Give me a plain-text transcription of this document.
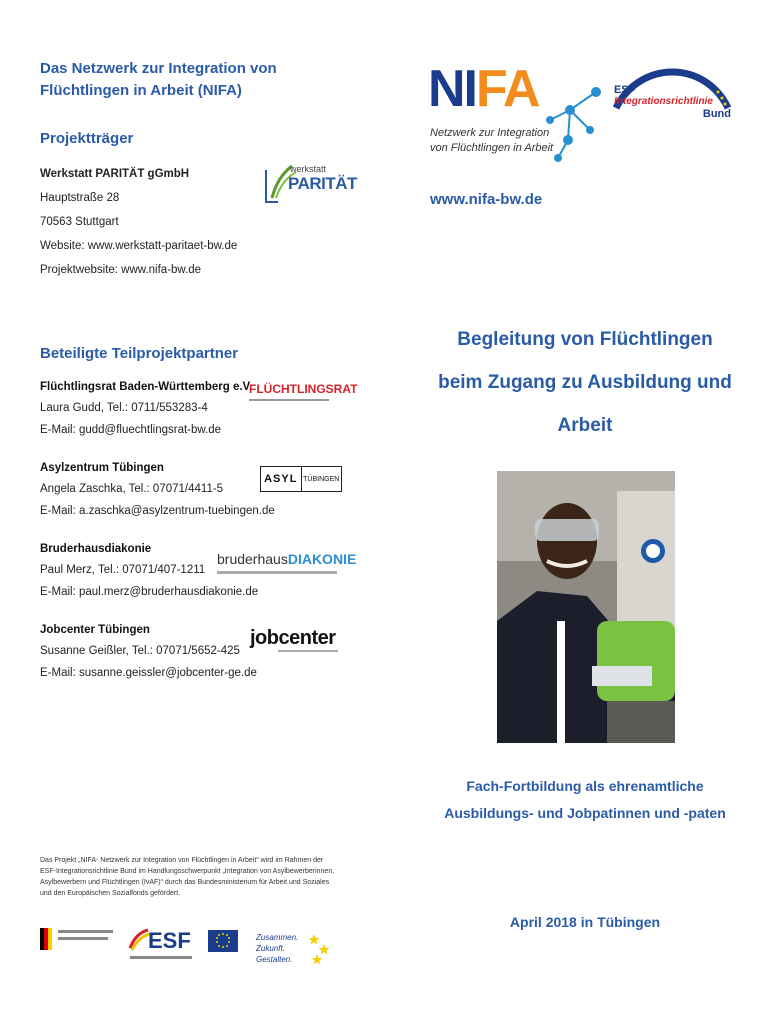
Das Netzwerk zur Integration von
Flüchtlingen in Arbeit (NIFA)
Projektträger
Werkstatt PARITÄT gGmbH
Hauptstraße 28
70563 Stuttgart
Website: www.werkstatt-paritaet-bw.de
Projektwebsite: www.nifa-bw.de
werkstatt
PARITÄT
Beteiligte Teilprojektpartner
Flüchtlingsrat Baden-Württemberg e.V.
Laura Gudd, Tel.: 0711/553283-4
E-Mail: gudd@fluechtlingsrat-bw.de
FLÜCHTLINGSRAT
Asylzentrum Tübingen
Angela Zaschka, Tel.: 07071/4411-5
E-Mail: a.zaschka@asylzentrum-tuebingen.de
ASYL TÜBINGEN
Bruderhausdiakonie
Paul Merz, Tel.: 07071/407-1211
E-Mail: paul.merz@bruderhausdiakonie.de
bruderhausDIAKONIE
Jobcenter Tübingen
Susanne Geißler, Tel.: 07071/5652-425
E-Mail: susanne.geissler@jobcenter-ge.de
jobcenter
Das Projekt „NIFA- Netzwerk zur Integration von Flüchtlingen in Arbeit“ wird im Rahmen der ESF-Integrationsrichtlinie Bund im Handlungsschwerpunkt „Integration von Asylbewerberinnen, Asylbewerbern und Flüchtlingen (IvAF)“ durch das Bundesministerium für Arbeit und Soziales und den Europäischen Sozialfonds gefördert.
ESF	Zusammen.
Zukunft.
Gestalten.
NIFA
Netzwerk zur Integration
von Flüchtlingen in Arbeit
ESF
Integrationsrichtlinie
Bund
www.nifa-bw.de
Begleitung von Flüchtlingen
beim Zugang zu Ausbildung und
Arbeit
Fach-Fortbildung als ehrenamtliche
Ausbildungs- und Jobpatinnen und -paten
April 2018 in Tübingen
